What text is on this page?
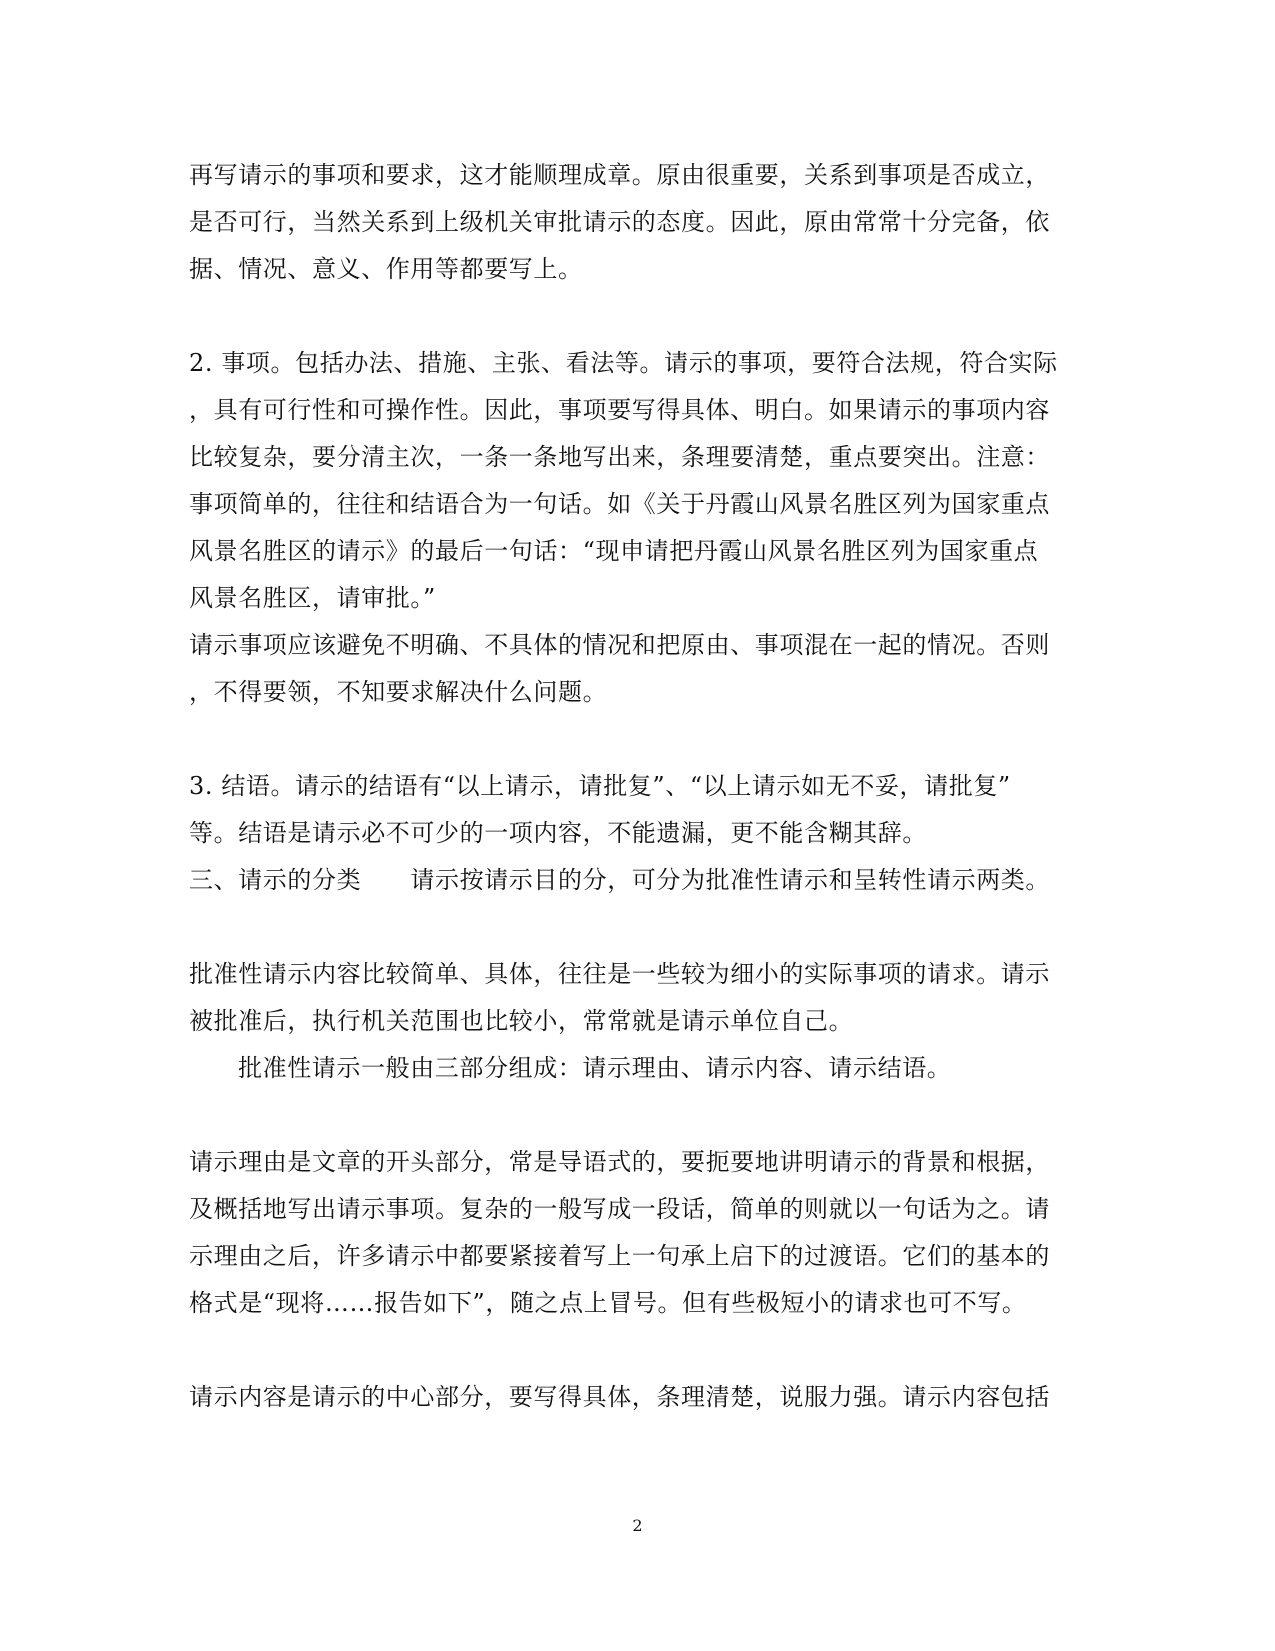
再写请示的事项和要求，这才能顺理成章。原由很重要，关系到事项是否成立，
是否可行，当然关系到上级机关审批请示的态度。因此，原由常常十分完备，依
据、情况、意义、作用等都要写上。
2. 事项。包括办法、措施、主张、看法等。请示的事项，要符合法规，符合实际
，具有可行性和可操作性。因此，事项要写得具体、明白。如果请示的事项内容
比较复杂，要分清主次，一条一条地写出来，条理要清楚，重点要突出。注意：
事项简单的，往往和结语合为一句话。如《关于丹霞山风景名胜区列为国家重点
风景名胜区的请示》的最后一句话：“现申请把丹霞山风景名胜区列为国家重点
风景名胜区，请审批。”
请示事项应该避免不明确、不具体的情况和把原由、事项混在一起的情况。否则
，不得要领，不知要求解决什么问题。
3. 结语。请示的结语有“以上请示，请批复”、“以上请示如无不妥，请批复”
等。结语是请示必不可少的一项内容，不能遗漏，更不能含糊其辞。
三、请示的分类　　请示按请示目的分，可分为批准性请示和呈转性请示两类。
批准性请示内容比较简单、具体，往往是一些较为细小的实际事项的请求。请示
被批准后，执行机关范围也比较小，常常就是请示单位自己。
批准性请示一般由三部分组成：请示理由、请示内容、请示结语。
请示理由是文章的开头部分，常是导语式的，要扼要地讲明请示的背景和根据，
及概括地写出请示事项。复杂的一般写成一段话，简单的则就以一句话为之。请
示理由之后，许多请示中都要紧接着写上一句承上启下的过渡语。它们的基本的
格式是“现将……报告如下”，随之点上冒号。但有些极短小的请求也可不写。
请示内容是请示的中心部分，要写得具体，条理清楚，说服力强。请示内容包括
2
